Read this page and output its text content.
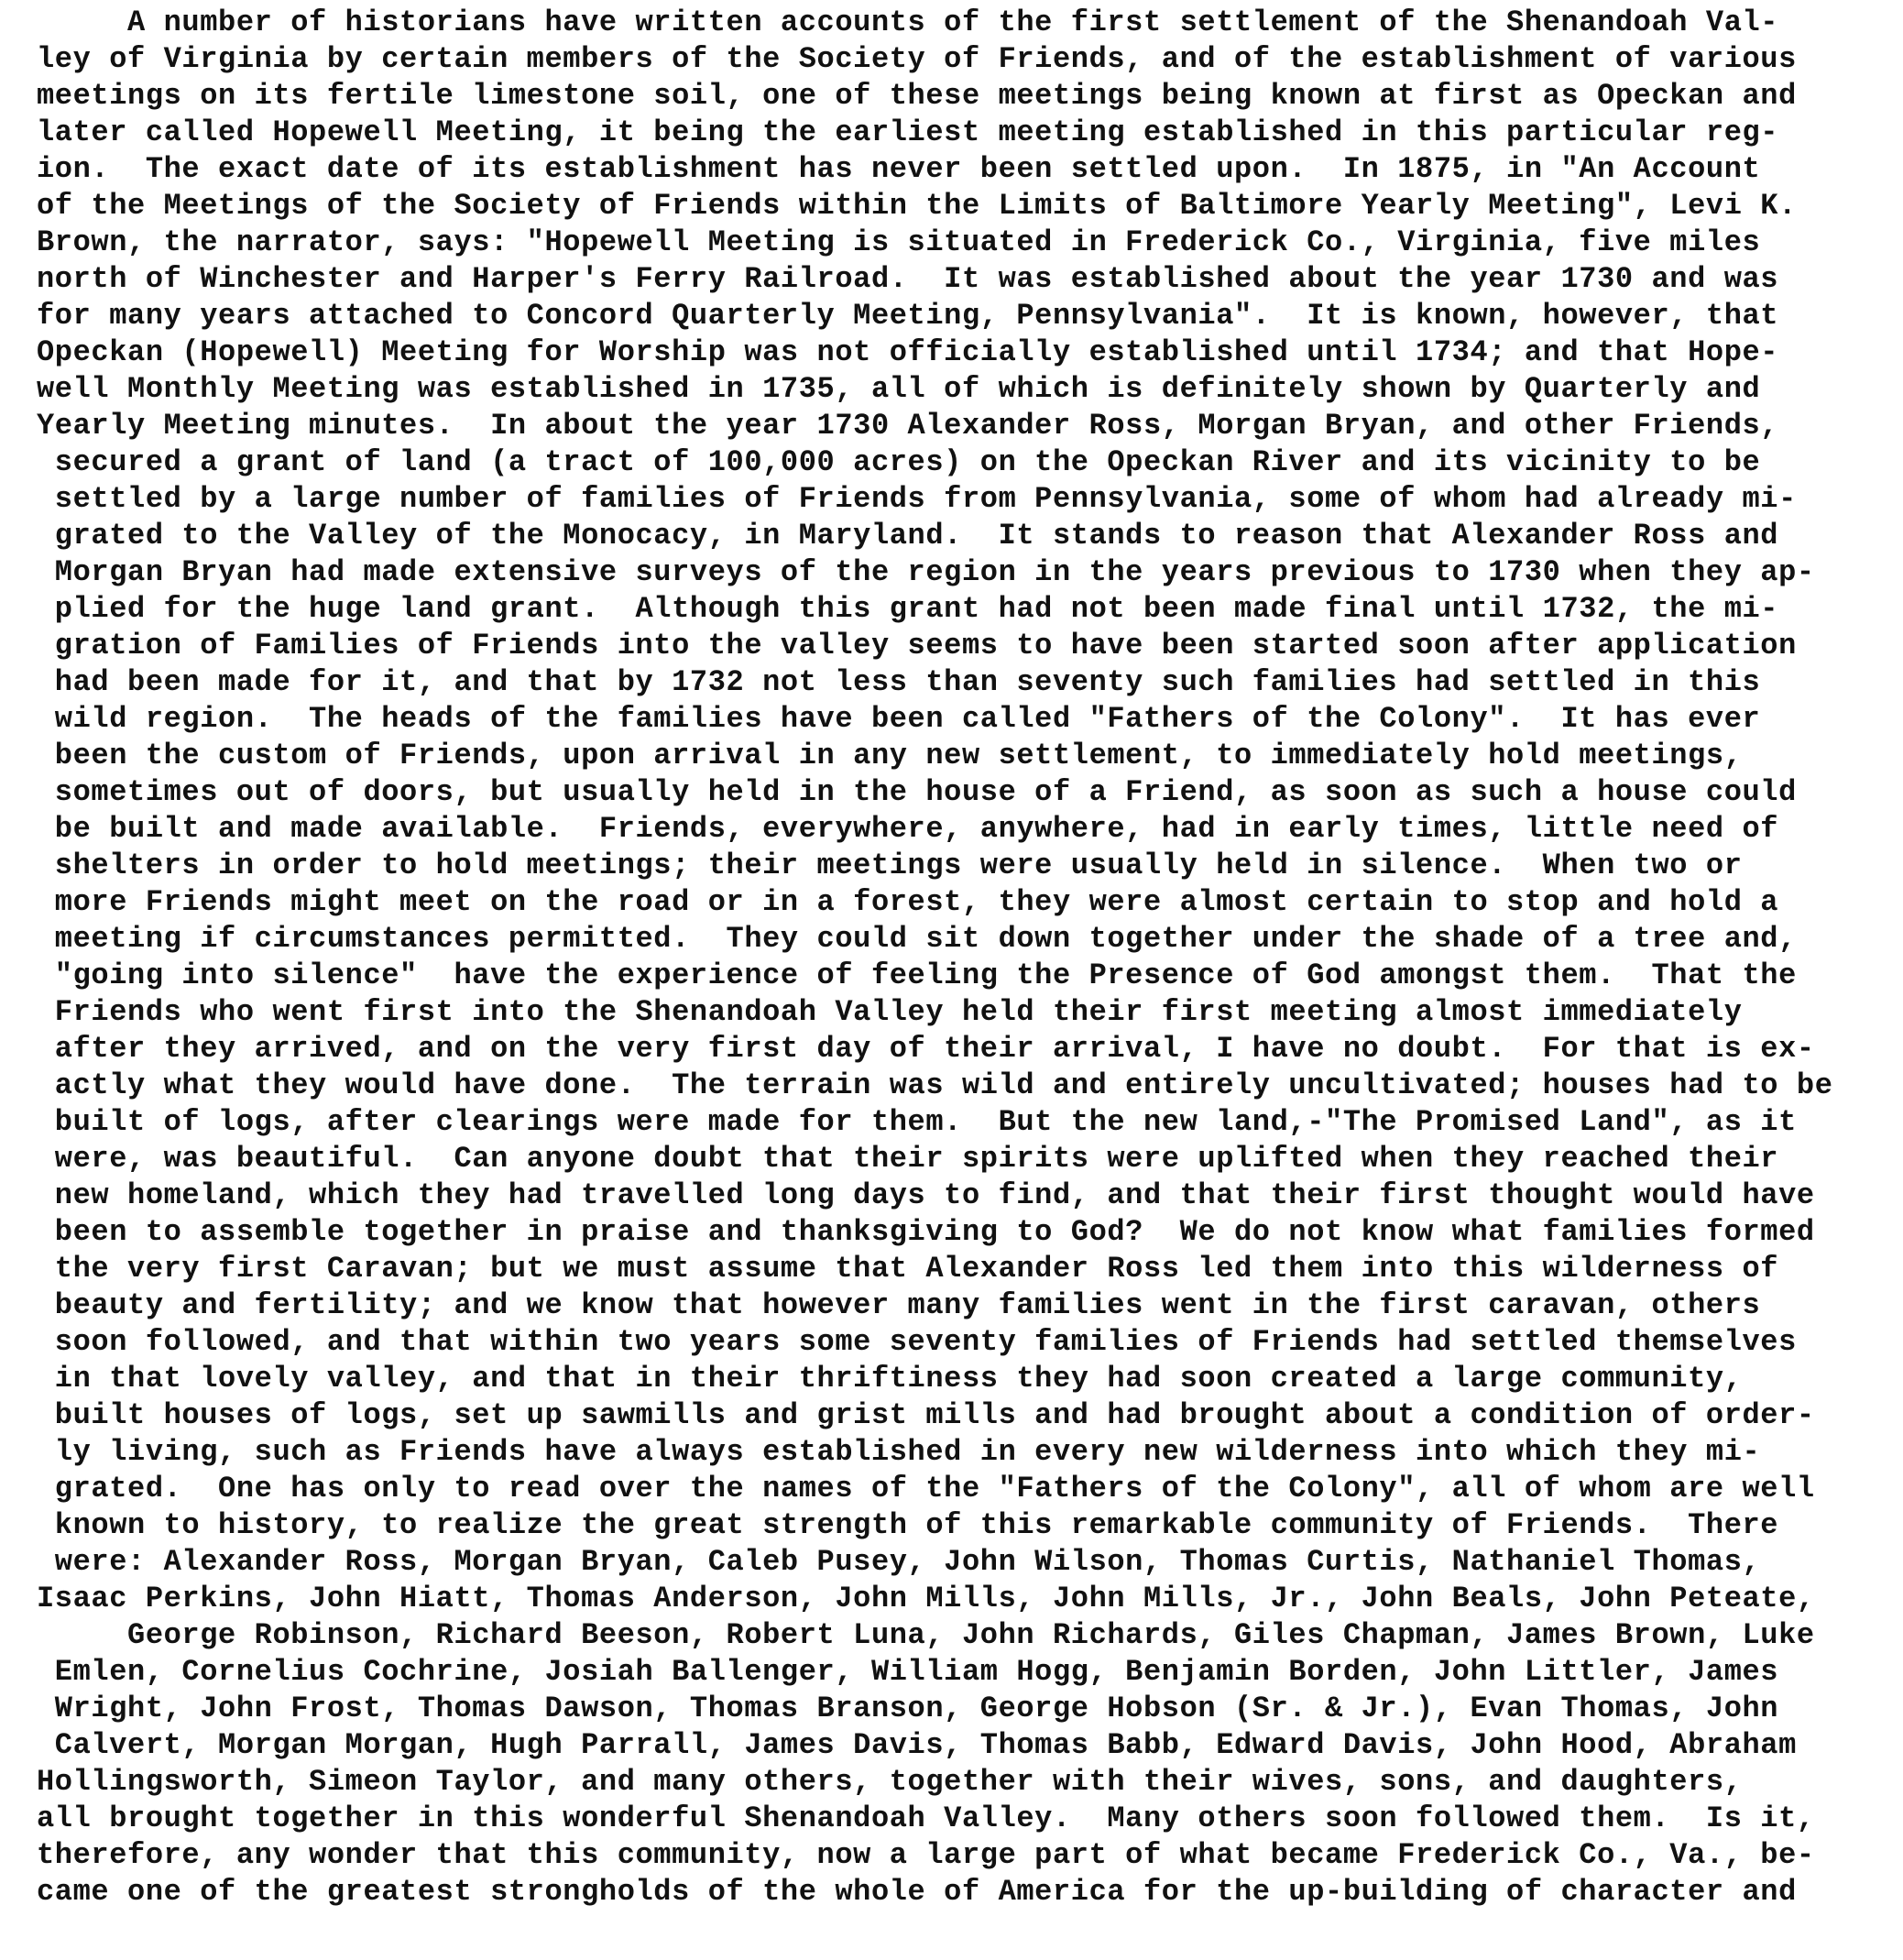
A number of historians have written accounts of the first settlement of the Shenandoah Val-
ley of Virginia by certain members of the Society of Friends, and of the establishment of various
meetings on its fertile limestone soil, one of these meetings being known at first as Opeckan and
later called Hopewell Meeting, it being the earliest meeting established in this particular reg-
ion.  The exact date of its establishment has never been settled upon.  In 1875, in "An Account
of the Meetings of the Society of Friends within the Limits of Baltimore Yearly Meeting", Levi K.
Brown, the narrator, says: "Hopewell Meeting is situated in Frederick Co., Virginia, five miles
north of Winchester and Harper's Ferry Railroad.  It was established about the year 1730 and was
for many years attached to Concord Quarterly Meeting, Pennsylvania".  It is known, however, that
Opeckan (Hopewell) Meeting for Worship was not officially established until 1734; and that Hope-
well Monthly Meeting was established in 1735, all of which is definitely shown by Quarterly and
Yearly Meeting minutes.  In about the year 1730 Alexander Ross, Morgan Bryan, and other Friends,
secured a grant of land (a tract of 100,000 acres) on the Opeckan River and its vicinity to be
settled by a large number of families of Friends from Pennsylvania, some of whom had already mi-
grated to the Valley of the Monocacy, in Maryland.  It stands to reason that Alexander Ross and
Morgan Bryan had made extensive surveys of the region in the years previous to 1730 when they ap-
plied for the huge land grant.  Although this grant had not been made final until 1732, the mi-
gration of Families of Friends into the valley seems to have been started soon after application
had been made for it, and that by 1732 not less than seventy such families had settled in this
wild region.  The heads of the families have been called "Fathers of the Colony".  It has ever
been the custom of Friends, upon arrival in any new settlement, to immediately hold meetings,
sometimes out of doors, but usually held in the house of a Friend, as soon as such a house could
be built and made available.  Friends, everywhere, anywhere, had in early times, little need of
shelters in order to hold meetings; their meetings were usually held in silence.  When two or
more Friends might meet on the road or in a forest, they were almost certain to stop and hold a
meeting if circumstances permitted.  They could sit down together under the shade of a tree and,
"going into silence"  have the experience of feeling the Presence of God amongst them.  That the
Friends who went first into the Shenandoah Valley held their first meeting almost immediately
after they arrived, and on the very first day of their arrival, I have no doubt.  For that is ex-
actly what they would have done.  The terrain was wild and entirely uncultivated; houses had to be
built of logs, after clearings were made for them.  But the new land,-"The Promised Land", as it
were, was beautiful.  Can anyone doubt that their spirits were uplifted when they reached their
new homeland, which they had travelled long days to find, and that their first thought would have
been to assemble together in praise and thanksgiving to God?  We do not know what families formed
the very first Caravan; but we must assume that Alexander Ross led them into this wilderness of
beauty and fertility; and we know that however many families went in the first caravan, others
soon followed, and that within two years some seventy families of Friends had settled themselves
in that lovely valley, and that in their thriftiness they had soon created a large community,
built houses of logs, set up sawmills and grist mills and had brought about a condition of order-
ly living, such as Friends have always established in every new wilderness into which they mi-
grated.  One has only to read over the names of the "Fathers of the Colony", all of whom are well
known to history, to realize the great strength of this remarkable community of Friends.  There
were: Alexander Ross, Morgan Bryan, Caleb Pusey, John Wilson, Thomas Curtis, Nathaniel Thomas,
Isaac Perkins, John Hiatt, Thomas Anderson, John Mills, John Mills, Jr., John Beals, John Peteate,
George Robinson, Richard Beeson, Robert Luna, John Richards, Giles Chapman, James Brown, Luke
Emlen, Cornelius Cochrine, Josiah Ballenger, William Hogg, Benjamin Borden, John Littler, James
Wright, John Frost, Thomas Dawson, Thomas Branson, George Hobson (Sr. & Jr.), Evan Thomas, John
Calvert, Morgan Morgan, Hugh Parrall, James Davis, Thomas Babb, Edward Davis, John Hood, Abraham
Hollingsworth, Simeon Taylor, and many others, together with their wives, sons, and daughters,
all brought together in this wonderful Shenandoah Valley.  Many others soon followed them.  Is it,
therefore, any wonder that this community, now a large part of what became Frederick Co., Va., be-
came one of the greatest strongholds of the whole of America for the up-building of character and
